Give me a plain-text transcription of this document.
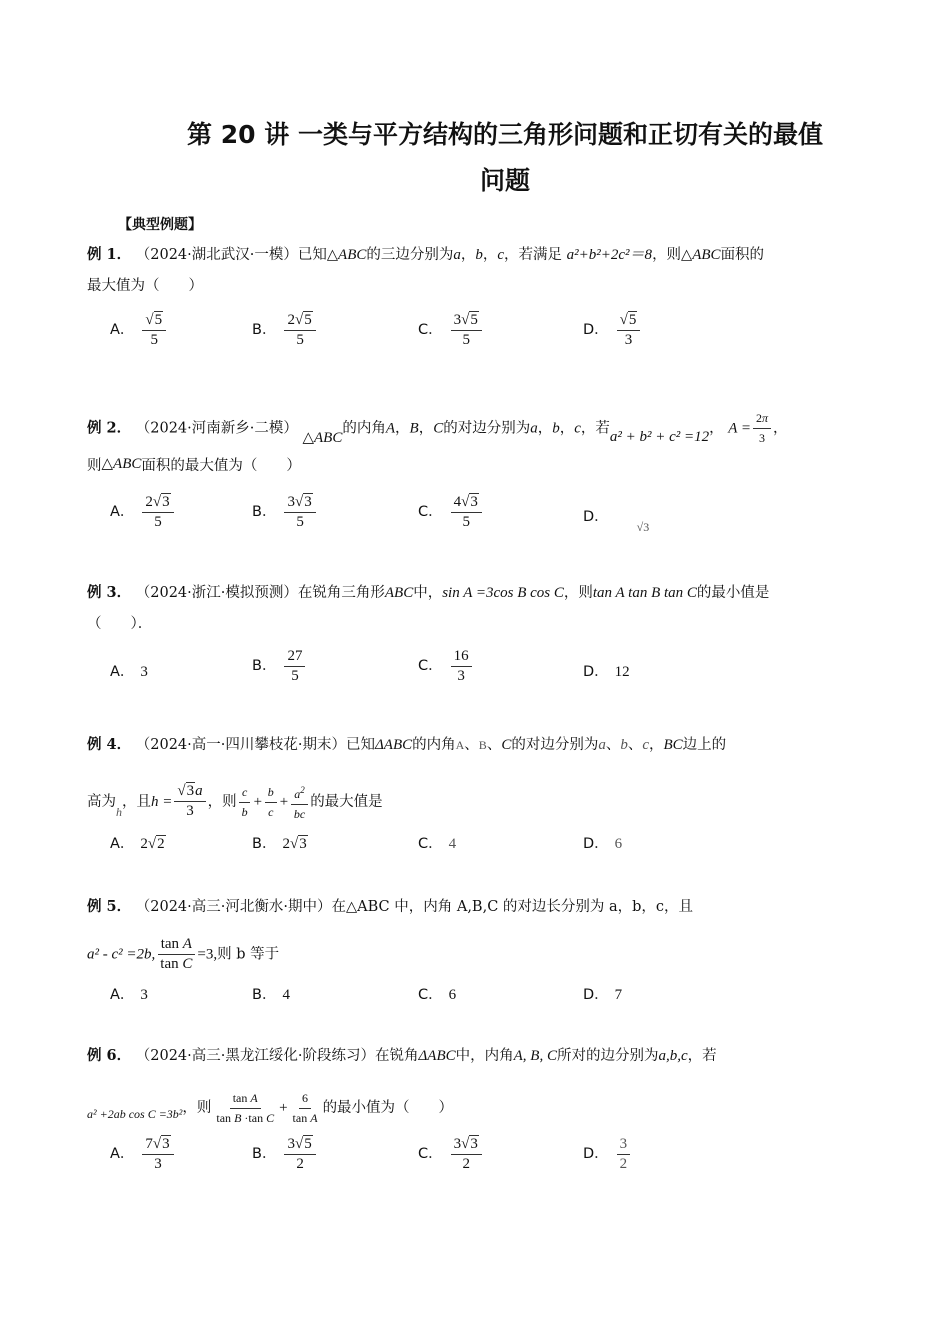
第 20 讲 一类与平方结构的三角形问题和正切有关的最值
问题
【典型例题】
例 1． （2024·湖北武汉·一模）已知△ABC的三边分别为a，b，c，若满足 a²+b²+2c²＝8，则△ABC面积的
最大值为（　　）
A． $\frac{√5}{5}$	B． $\frac{2√5}{5}$	C． $\frac{3√5}{5}$	D． $\frac{√5}{3}$
例 2． （2024·河南新乡·二模） △ABC的内角A，B，C的对边分别为a，b，c，若a² + b² + c² =12， $A = \frac{2\pi}{3}$ ，
则△ABC面积的最大值为（　　）
A． $\frac{2√3}{5}$	B． $\frac{3√3}{5}$	C． $\frac{4√3}{5}$	D．$_{√3}$
例 3． （2024·浙江·模拟预测）在锐角三角形ABC中，sin A =3cos B cos C，则tan A tan B tan C的最小值是
（　　）．
A． 3	B． $\frac{27}{5}$	C． $\frac{16}{3}$	D． 12
例 4． （2024·高一·四川攀枝花·期末）已知ΔABC的内角A、B、C的对边分别为a、b、c，BC边上的
高为$_h$，且$h = \frac{√3a}{3}$ ，则 $\frac{c}{b} + \frac{b}{c} + \frac{a^2}{bc}$ 的最大值是
A． 2√2	B． 2√3	C． 4	D． 6
例 5． （2024·高三·河北衡水·期中）在△ABC 中，内角 A,B,C 的对边长分别为 a，b，c，且
a² - c² =2b, $\frac{\text{tan A}}{\text{tan C}} =3$,则 b 等于
A． 3	B． 4	C． 6	D． 7
例 6． （2024·高三·黑龙江绥化·阶段练习）在锐角ΔABC中，内角A, B, C所对的边分别为a,b,c，若
$_{a^2 +2ab cos C =3b^2}$，则 $\frac{\text{tan A}}{\text{tan B ·tan C}} + \frac{6}{\text{tan A}}$ 的最小值为（　　）
A． $\frac{7√3}{3}$	B． $\frac{3√5}{2}$	C． $\frac{3√3}{2}$	D． $\frac{3}{2}$
